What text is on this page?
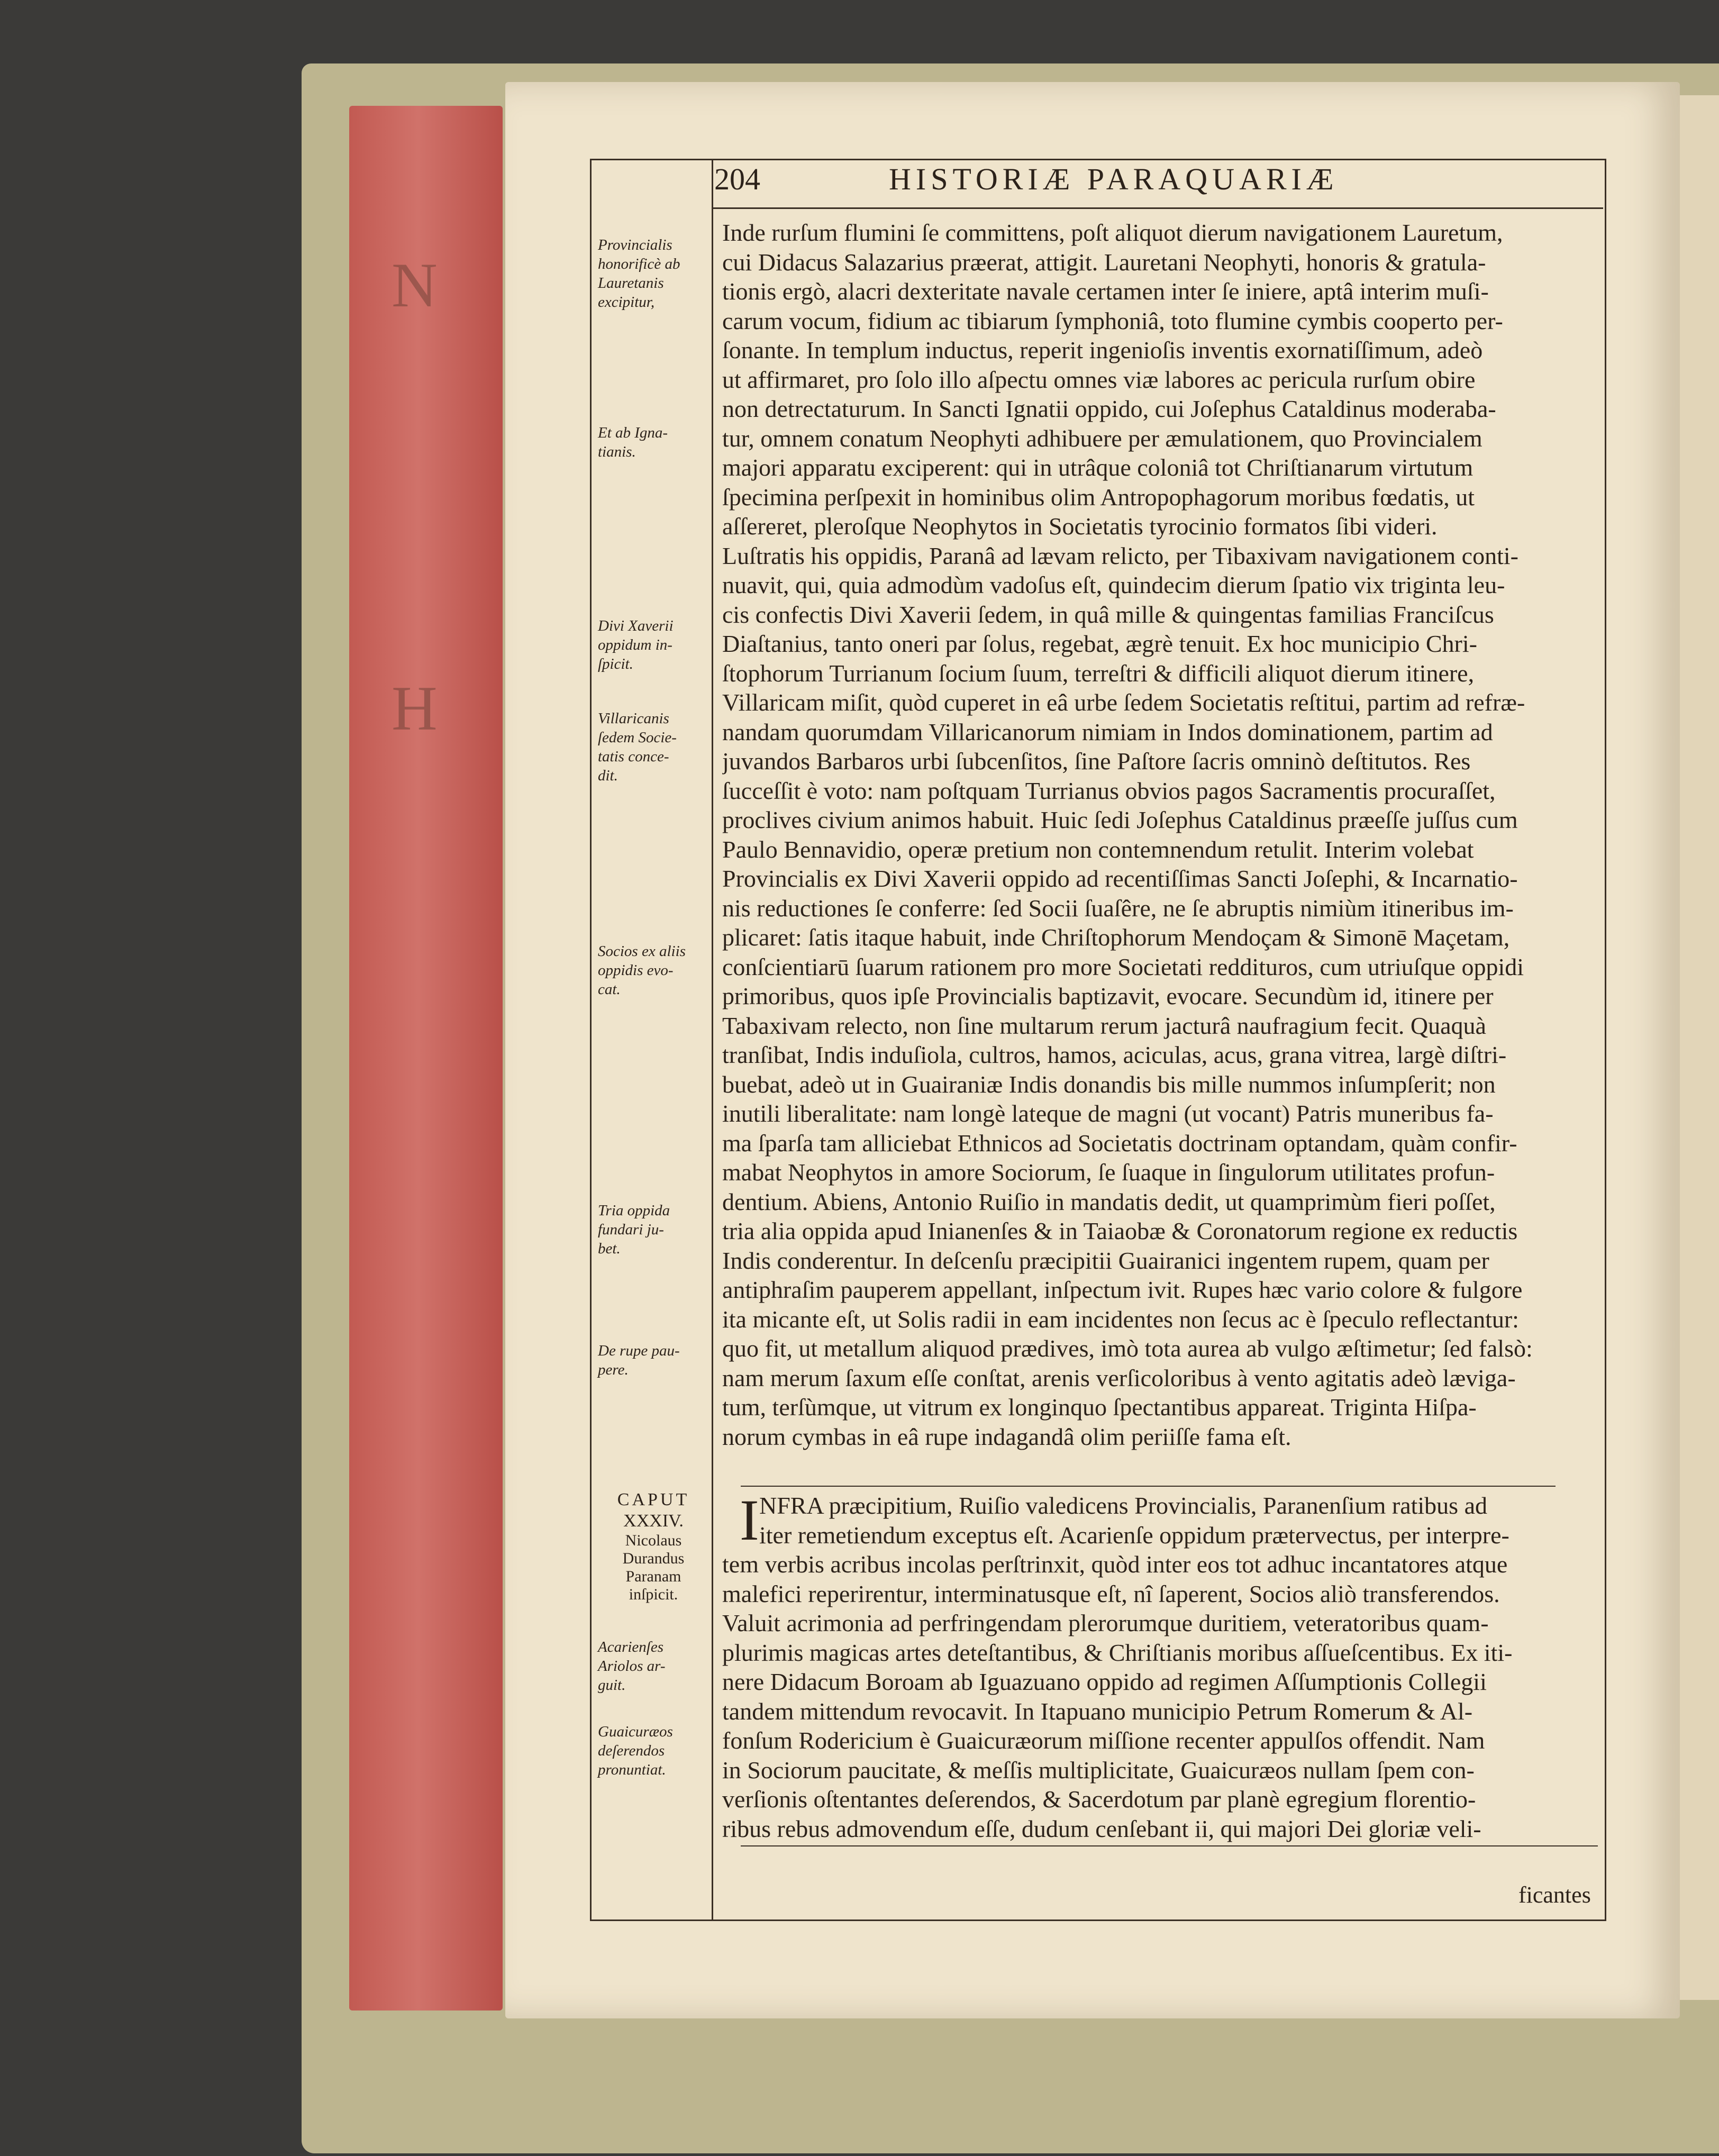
N
H
204	HISTORIÆ PARAQUARIÆ
Inde rurſum flumini ſe committens, poſt aliquot dierum navigationem Lauretum,
cui Didacus Salazarius præerat, attigit. Lauretani Neophyti, honoris & gratula-
tionis ergò, alacri dexteritate navale certamen inter ſe iniere, aptâ interim muſi-
carum vocum, fidium ac tibiarum ſymphoniâ, toto flumine cymbis cooperto per-
ſonante. In templum inductus, reperit ingenioſis inventis exornatiſſimum, adeò
ut affirmaret, pro ſolo illo aſpectu omnes viæ labores ac pericula rurſum obire
non detrectaturum. In Sancti Ignatii oppido, cui Joſephus Cataldinus moderaba-
tur, omnem conatum Neophyti adhibuere per æmulationem, quo Provincialem
majori apparatu exciperent: qui in utrâque coloniâ tot Chriſtianarum virtutum
ſpecimina perſpexit in hominibus olim Antropophagorum moribus fœdatis, ut
aſſereret, pleroſque Neophytos in Societatis tyrocinio formatos ſibi videri.
Luſtratis his oppidis, Paranâ ad lævam relicto, per Tibaxivam navigationem conti-
nuavit, qui, quia admodùm vadoſus eſt, quindecim dierum ſpatio vix triginta leu-
cis confectis Divi Xaverii ſedem, in quâ mille & quingentas familias Franciſcus
Diaſtanius, tanto oneri par ſolus, regebat, ægrè tenuit. Ex hoc municipio Chri-
ſtophorum Turrianum ſocium ſuum, terreſtri & difficili aliquot dierum itinere,
Villaricam miſit, quòd cuperet in eâ urbe ſedem Societatis reſtitui, partim ad refræ-
nandam quorumdam Villaricanorum nimiam in Indos dominationem, partim ad
juvandos Barbaros urbi ſubcenſitos, ſine Paſtore ſacris omninò deſtitutos. Res
ſucceſſit è voto: nam poſtquam Turrianus obvios pagos Sacramentis procuraſſet,
proclives civium animos habuit. Huic ſedi Joſephus Cataldinus præeſſe juſſus cum
Paulo Bennavidio, operæ pretium non contemnendum retulit. Interim volebat
Provincialis ex Divi Xaverii oppido ad recentiſſimas Sancti Joſephi, & Incarnatio-
nis reductiones ſe conferre: ſed Socii ſuaſêre, ne ſe abruptis nimiùm itineribus im-
plicaret: ſatis itaque habuit, inde Chriſtophorum Mendoçam & Simonē Maçetam,
conſcientiarū ſuarum rationem pro more Societati reddituros, cum utriuſque oppidi
primoribus, quos ipſe Provincialis baptizavit, evocare. Secundùm id, itinere per
Tabaxivam relecto, non ſine multarum rerum jacturâ naufragium fecit. Quaquà
tranſibat, Indis induſiola, cultros, hamos, aciculas, acus, grana vitrea, largè diſtri-
buebat, adeò ut in Guairaniæ Indis donandis bis mille nummos inſumpſerit; non
inutili liberalitate: nam longè lateque de magni (ut vocant) Patris muneribus fa-
ma ſparſa tam alliciebat Ethnicos ad Societatis doctrinam optandam, quàm confir-
mabat Neophytos in amore Sociorum, ſe ſuaque in ſingulorum utilitates profun-
dentium. Abiens, Antonio Ruiſio in mandatis dedit, ut quamprimùm fieri poſſet,
tria alia oppida apud Inianenſes & in Taiaobæ & Coronatorum regione ex reductis
Indis conderentur. In deſcenſu præcipitii Guairanici ingentem rupem, quam per
antiphraſim pauperem appellant, inſpectum ivit. Rupes hæc vario colore & fulgore
ita micante eſt, ut Solis radii in eam incidentes non ſecus ac è ſpeculo reflectantur:
quo fit, ut metallum aliquod prædives, imò tota aurea ab vulgo æſtimetur; ſed falsò:
nam merum ſaxum eſſe conſtat, arenis verſicoloribus à vento agitatis adeò læviga-
tum, terſùmque, ut vitrum ex longinquo ſpectantibus appareat. Triginta Hiſpa-
norum cymbas in eâ rupe indagandâ olim periiſſe fama eſt.
I NFRA præcipitium, Ruiſio valedicens Provincialis, Paranenſium ratibus ad
iter remetiendum exceptus eſt. Acarienſe oppidum prætervectus, per interpre-
tem verbis acribus incolas perſtrinxit, quòd inter eos tot adhuc incantatores atque
malefici reperirentur, interminatusque eſt, nî ſaperent, Socios aliò transferendos.
Valuit acrimonia ad perfringendam plerorumque duritiem, veteratoribus quam-
plurimis magicas artes deteſtantibus, & Chriſtianis moribus aſſueſcentibus. Ex iti-
nere Didacum Boroam ab Iguazuano oppido ad regimen Aſſumptionis Collegii
tandem mittendum revocavit. In Itapuano municipio Petrum Romerum & Al-
fonſum Rodericium è Guaicuræorum miſſione recenter appulſos offendit. Nam
in Sociorum paucitate, & meſſis multiplicitate, Guaicuræos nullam ſpem con-
verſionis oſtentantes deſerendos, & Sacerdotum par planè egregium florentio-
ribus rebus admovendum eſſe, dudum cenſebant ii, qui majori Dei gloriæ veli-
ficantes
Provincialis
honorificè ab
Lauretanis
excipitur,
Et ab Igna-
tianis.
Divi Xaverii
oppidum in-
ſpicit.
Villaricanis
ſedem Socie-
tatis conce-
dit.
Socios ex aliis
oppidis evo-
cat.
Tria oppida
fundari ju-
bet.
De rupe pau-
pere.
CAPUT
XXXIV.
Nicolaus
Durandus
Paranam
inſpicit.
Acarienſes
Ariolos ar-
guit.
Guaicuræos
deſerendos
pronuntiat.
